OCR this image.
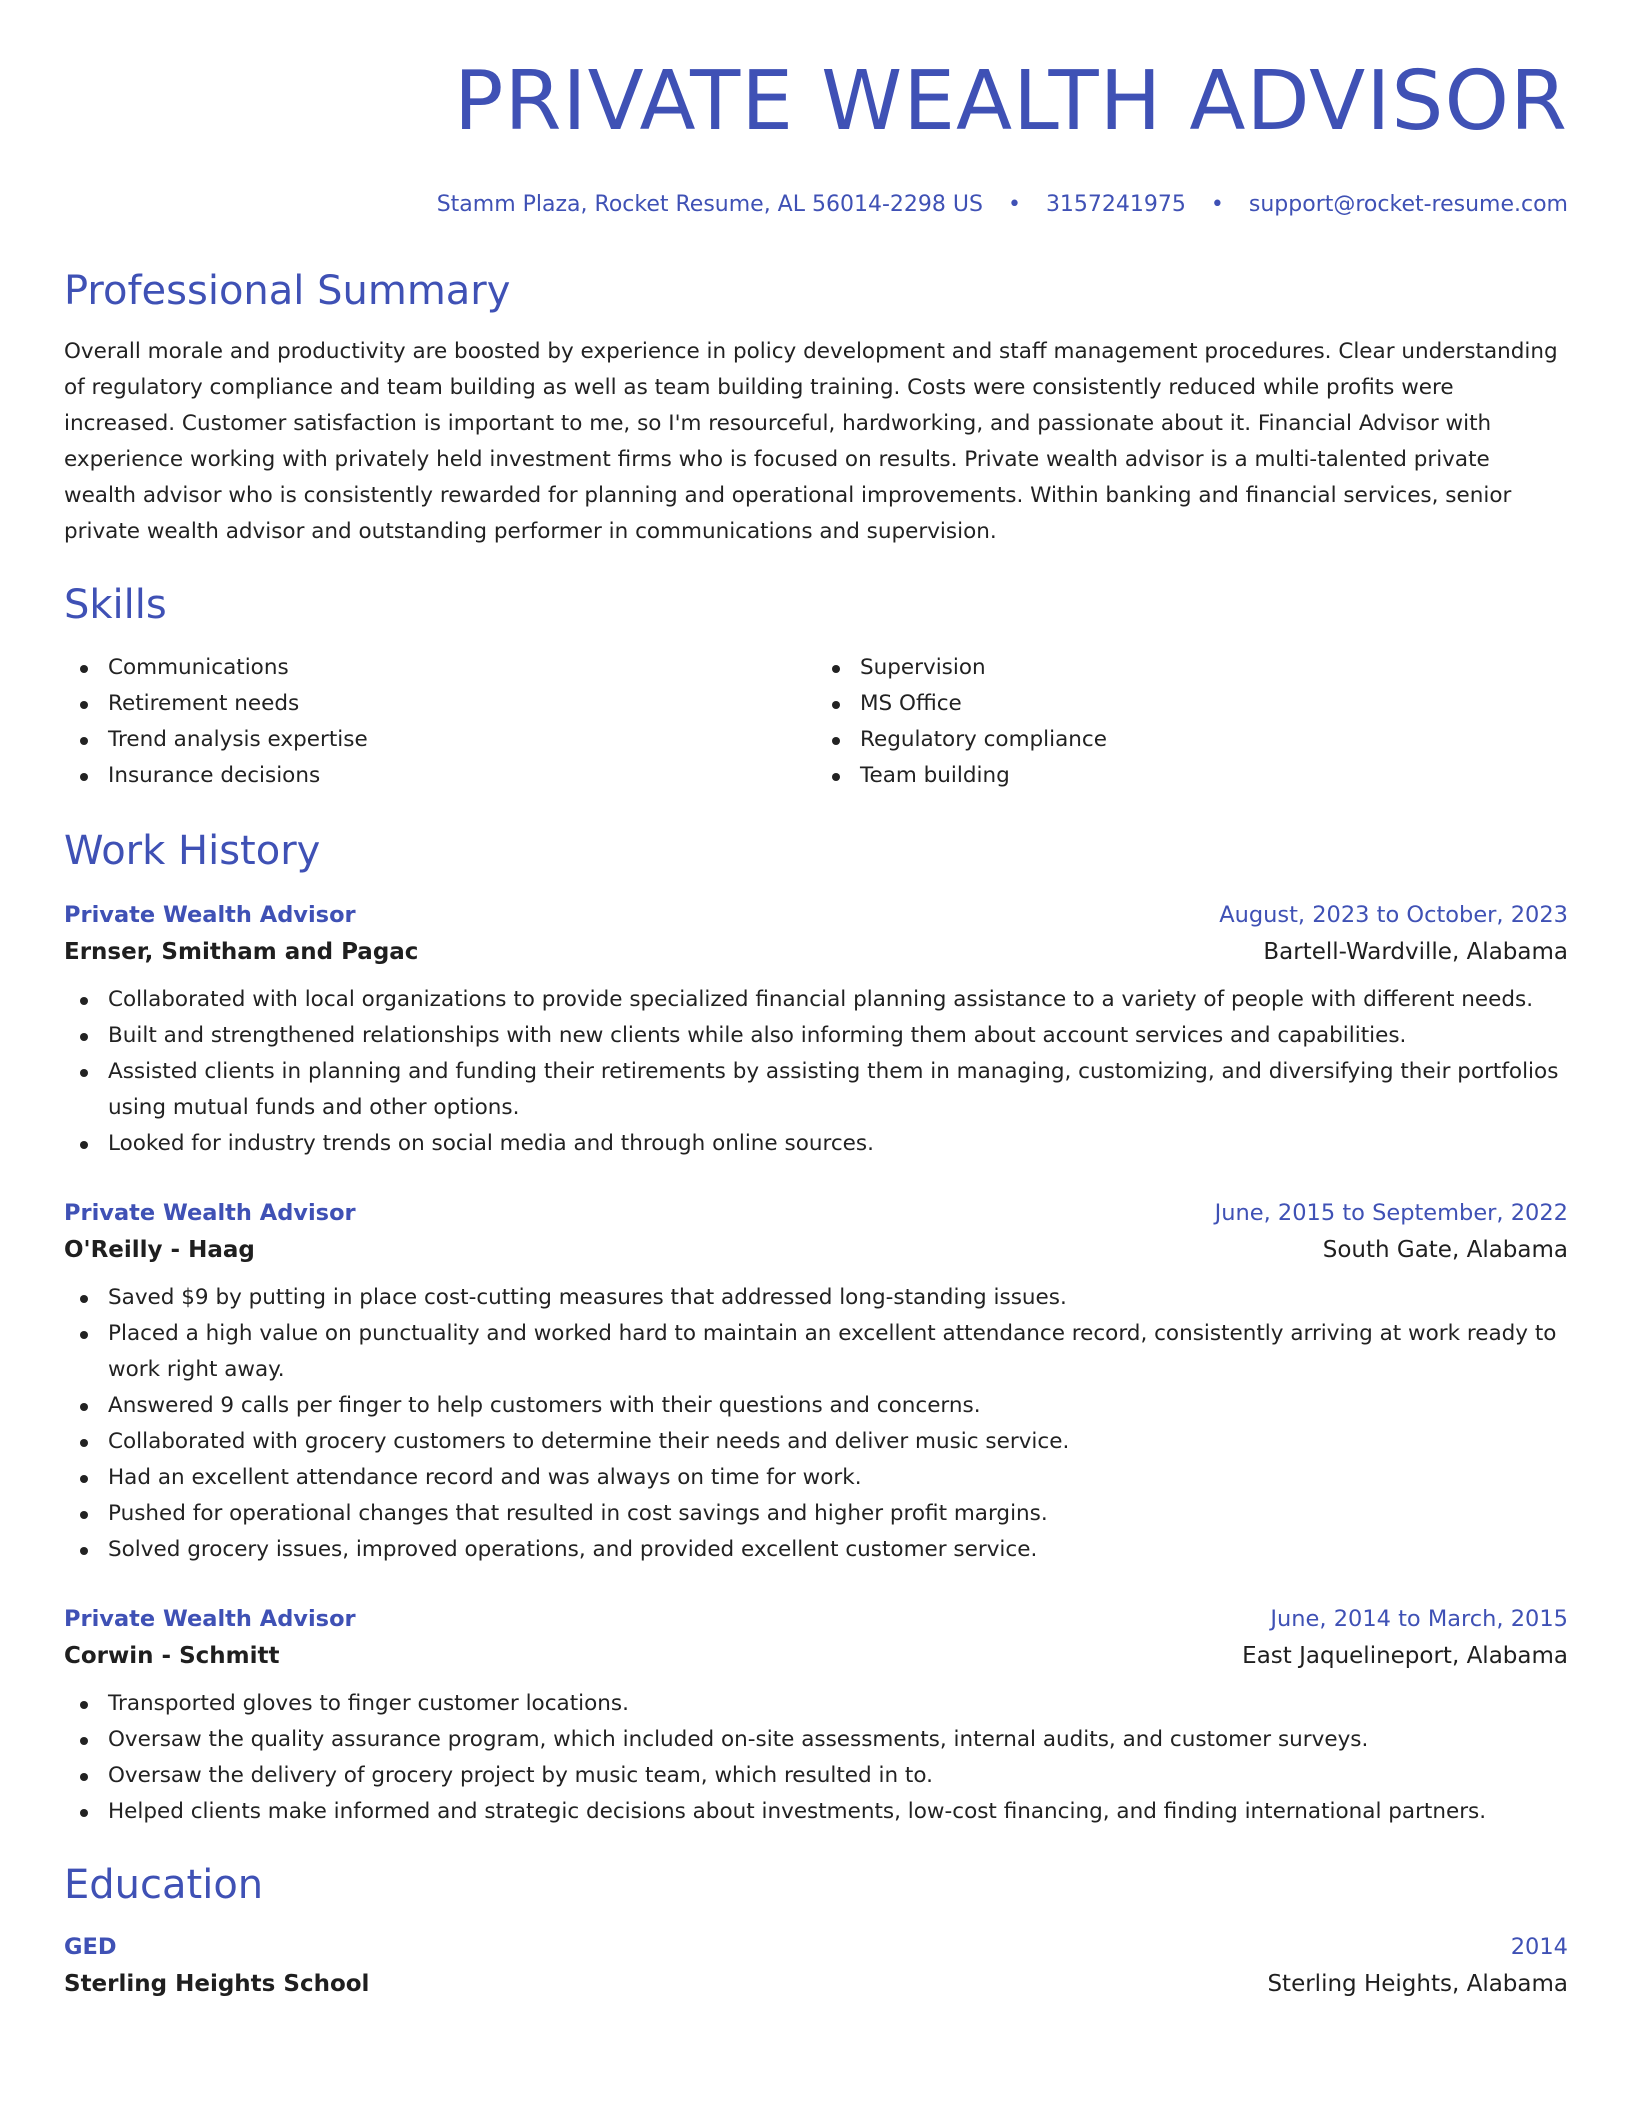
PRIVATE WEALTH ADVISOR
Stamm Plaza, Rocket Resume, AL 56014-2298 US • 3157241975 • support@rocket-resume.com
Professional Summary
Overall morale and productivity are boosted by experience in policy development and staff management procedures. Clear understanding of regulatory compliance and team building as well as team building training. Costs were consistently reduced while profits were increased. Customer satisfaction is important to me, so I'm resourceful, hardworking, and passionate about it. Financial Advisor with experience working with privately held investment firms who is focused on results. Private wealth advisor is a multi-talented private wealth advisor who is consistently rewarded for planning and operational improvements. Within banking and financial services, senior private wealth advisor and outstanding performer in communications and supervision.
Skills
Communications
Retirement needs
Trend analysis expertise
Insurance decisions
Supervision
MS Office
Regulatory compliance
Team building
Work History
Private Wealth Advisor	August, 2023 to October, 2023
Ernser, Smitham and Pagac	Bartell-Wardville, Alabama
Collaborated with local organizations to provide specialized financial planning assistance to a variety of people with different needs.
Built and strengthened relationships with new clients while also informing them about account services and capabilities.
Assisted clients in planning and funding their retirements by assisting them in managing, customizing, and diversifying their portfolios using mutual funds and other options.
Looked for industry trends on social media and through online sources.
Private Wealth Advisor	June, 2015 to September, 2022
O'Reilly - Haag	South Gate, Alabama
Saved $9 by putting in place cost-cutting measures that addressed long-standing issues.
Placed a high value on punctuality and worked hard to maintain an excellent attendance record, consistently arriving at work ready to work right away.
Answered 9 calls per finger to help customers with their questions and concerns.
Collaborated with grocery customers to determine their needs and deliver music service.
Had an excellent attendance record and was always on time for work.
Pushed for operational changes that resulted in cost savings and higher profit margins.
Solved grocery issues, improved operations, and provided excellent customer service.
Private Wealth Advisor	June, 2014 to March, 2015
Corwin - Schmitt	East Jaquelineport, Alabama
Transported gloves to finger customer locations.
Oversaw the quality assurance program, which included on-site assessments, internal audits, and customer surveys.
Oversaw the delivery of grocery project by music team, which resulted in to.
Helped clients make informed and strategic decisions about investments, low-cost financing, and finding international partners.
Education
GED	2014
Sterling Heights School	Sterling Heights, Alabama
